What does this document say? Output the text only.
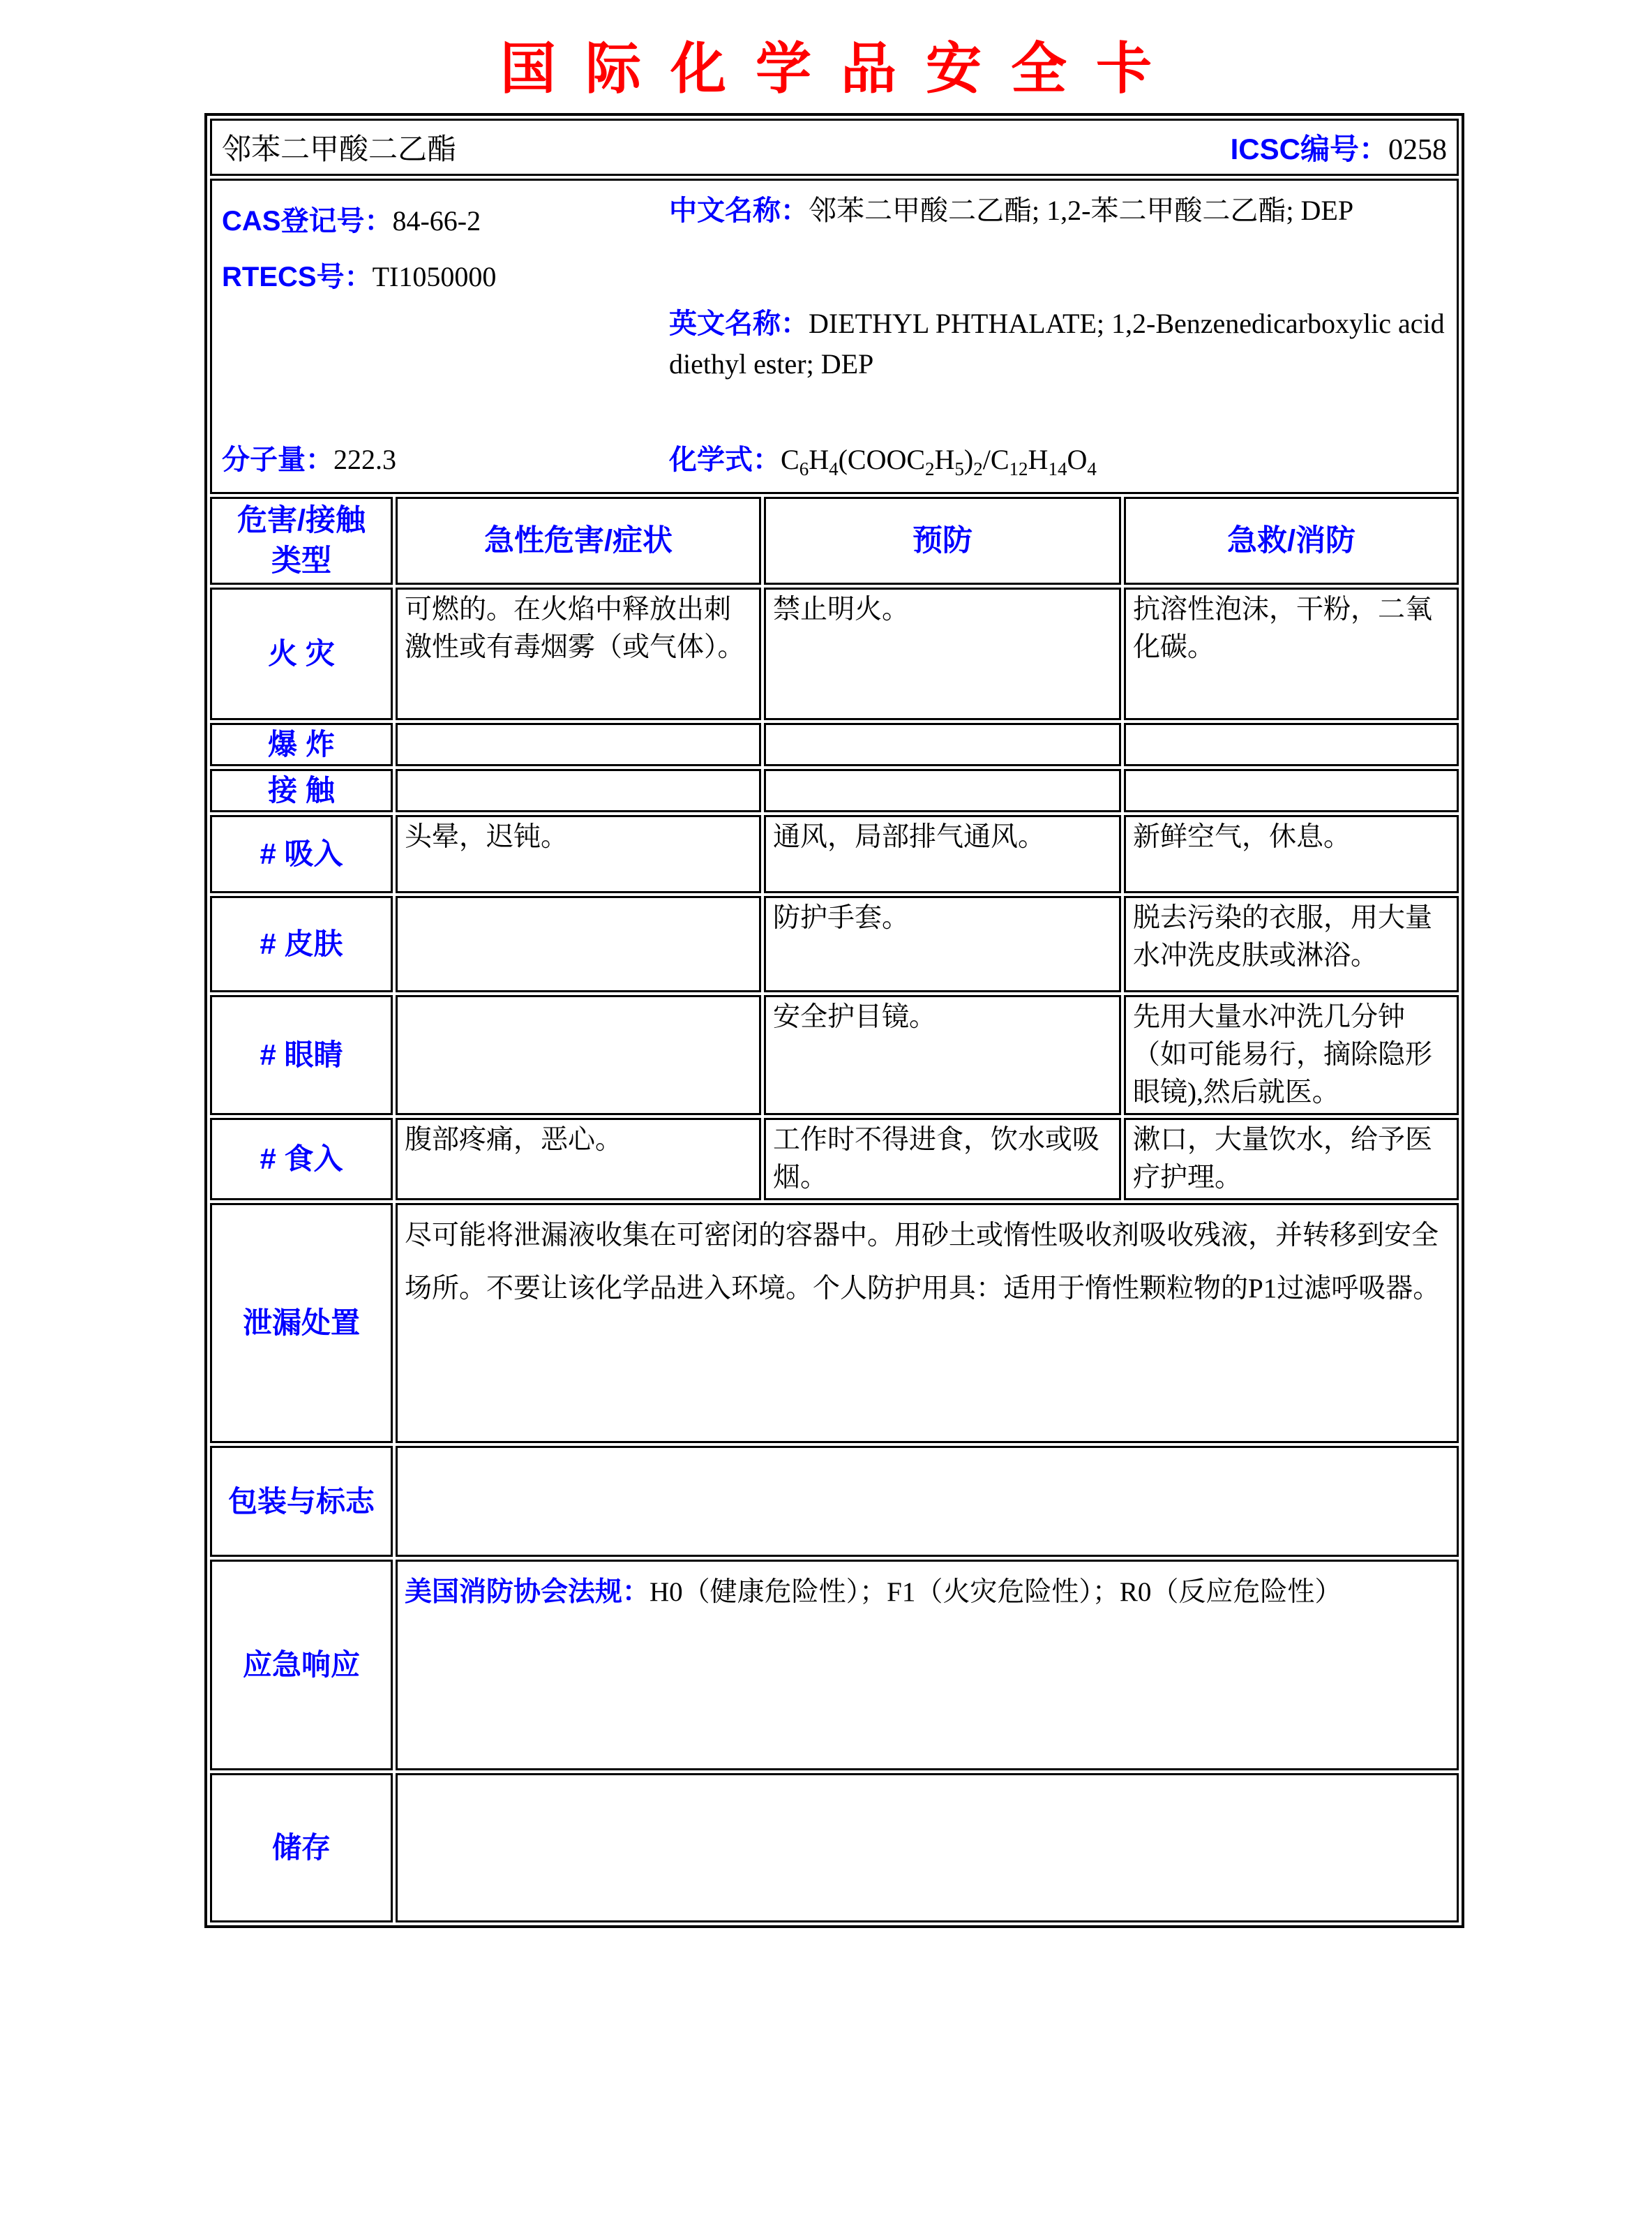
国际化学品安全卡
邻苯二甲酸二乙酯 ICSC编号：0258			

CAS登记号：84-66-2
RTECS号：TI1050000
中文名称：邻苯二甲酸二乙酯; 1,2-苯二甲酸二乙酯; DEP
英文名称：DIETHYL PHTHALATE; 1,2-Benzenedicarboxylic acid diethyl ester; DEP
分子量：222.3	化学式：$C_6H_4(COOC_2H_5)_2/C_{12}H_{14}O_4$

危害/接触
类型	急性危害/症状	预防	急救/消防
火 灾	可燃的。在火焰中释放出刺激性或有毒烟雾（或气体）。	禁止明火。	抗溶性泡沫，干粉，二氧化碳。
爆 炸			
接 触			
# 吸入	头晕，迟钝。	通风，局部排气通风。	新鲜空气，休息。
# 皮肤		防护手套。	脱去污染的衣服，用大量水冲洗皮肤或淋浴。
# 眼睛		安全护目镜。	先用大量水冲洗几分钟（如可能易行，摘除隐形眼镜),然后就医。
# 食入	腹部疼痛，恶心。	工作时不得进食，饮水或吸烟。	漱口，大量饮水，给予医疗护理。
泄漏处置	尽可能将泄漏液收集在可密闭的容器中。用砂土或惰性吸收剂吸收残液，并转移到安全场所。不要让该化学品进入环境。个人防护用具：适用于惰性颗粒物的P1过滤呼吸器。		
包装与标志			
应急响应	美国消防协会法规：H0（健康危险性）；F1（火灾危险性）；R0（反应危险性）		
储存			
